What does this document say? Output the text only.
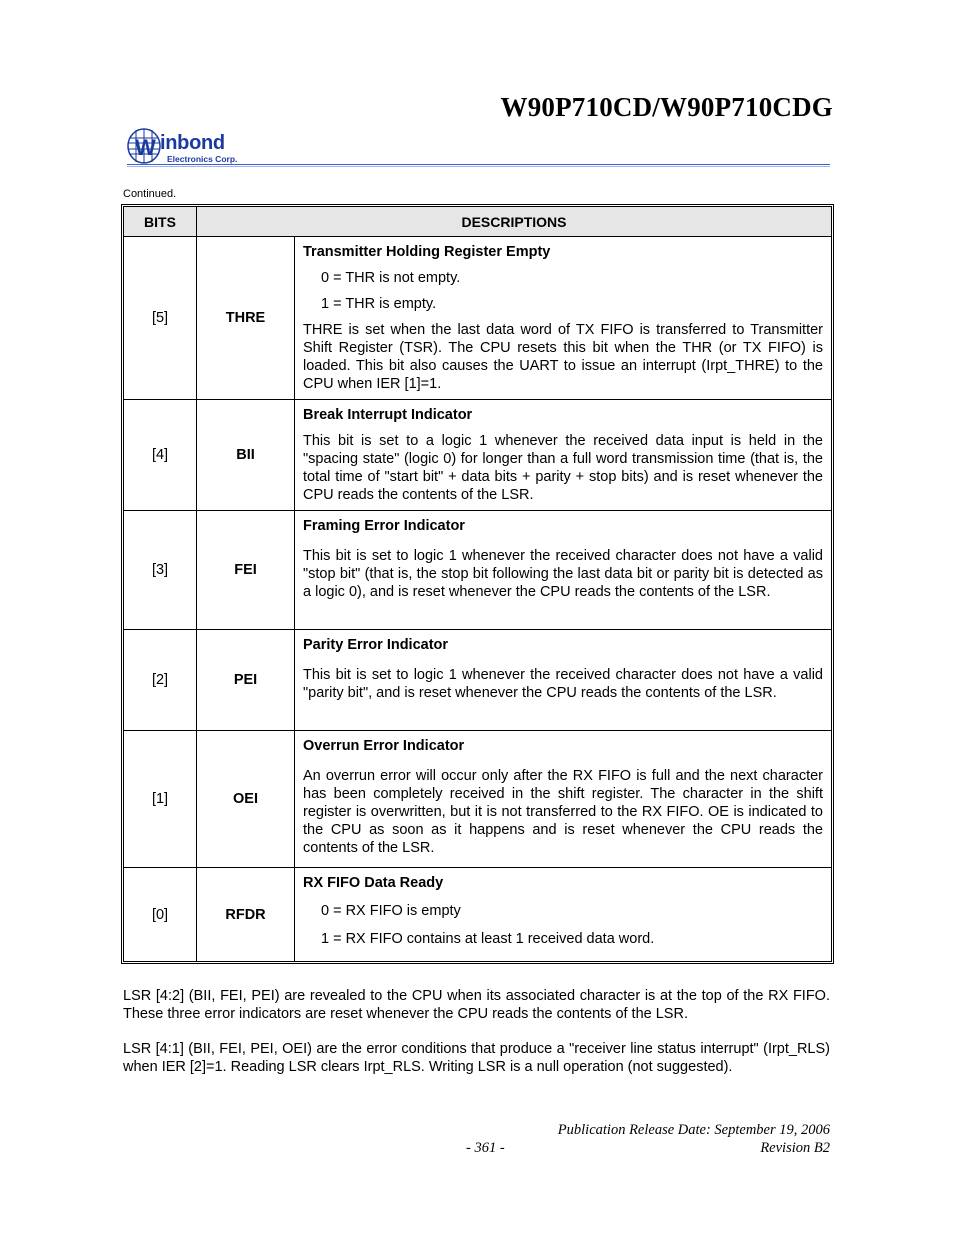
W90P710CD/W90P710CDG
W inbond
Electronics Corp.
Continued.
BITS	DESCRIPTIONS	
[5]	THRE	Transmitter Holding Register Empty

0 = THR is not empty.

1 = THR is empty.

THRE is set when the last data word of TX FIFO is transferred to Transmitter Shift Register (TSR). The CPU resets this bit when the THR (or TX FIFO) is loaded. This bit also causes the UART to issue an interrupt (Irpt_THRE) to the CPU when IER [1]=1.

[4]	BII	Break Interrupt Indicator

This bit is set to a logic 1 whenever the received data input is held in the "spacing state" (logic 0) for longer than a full word transmission time (that is, the total time of "start bit" + data bits + parity + stop bits) and is reset whenever the CPU reads the contents of the LSR.

[3]	FEI	Framing Error Indicator

This bit is set to logic 1 whenever the received character does not have a valid "stop bit" (that is, the stop bit following the last data bit or parity bit is detected as a logic 0), and is reset whenever the CPU reads the contents of the LSR.

[2]	PEI	Parity Error Indicator

This bit is set to logic 1 whenever the received character does not have a valid "parity bit", and is reset whenever the CPU reads the contents of the LSR.

[1]	OEI	Overrun Error Indicator

An overrun error will occur only after the RX FIFO is full and the next character has been completely received in the shift register. The character in the shift register is overwritten, but it is not transferred to the RX FIFO. OE is indicated to the CPU as soon as it happens and is reset whenever the CPU reads the contents of the LSR.

[0]	RFDR	RX FIFO Data Ready

0 = RX FIFO is empty

1 = RX FIFO contains at least 1 received data word.

LSR [4:2] (BII, FEI, PEI) are revealed to the CPU when its associated character is at the top of the RX FIFO. These three error indicators are reset whenever the CPU reads the contents of the LSR.

LSR [4:1] (BII, FEI, PEI, OEI) are the error conditions that produce a "receiver line status interrupt" (Irpt_RLS) when IER [2]=1. Reading LSR clears Irpt_RLS. Writing LSR is a null operation (not suggested).

Publication Release Date: September 19, 2006
- 361 -	Revision B2
